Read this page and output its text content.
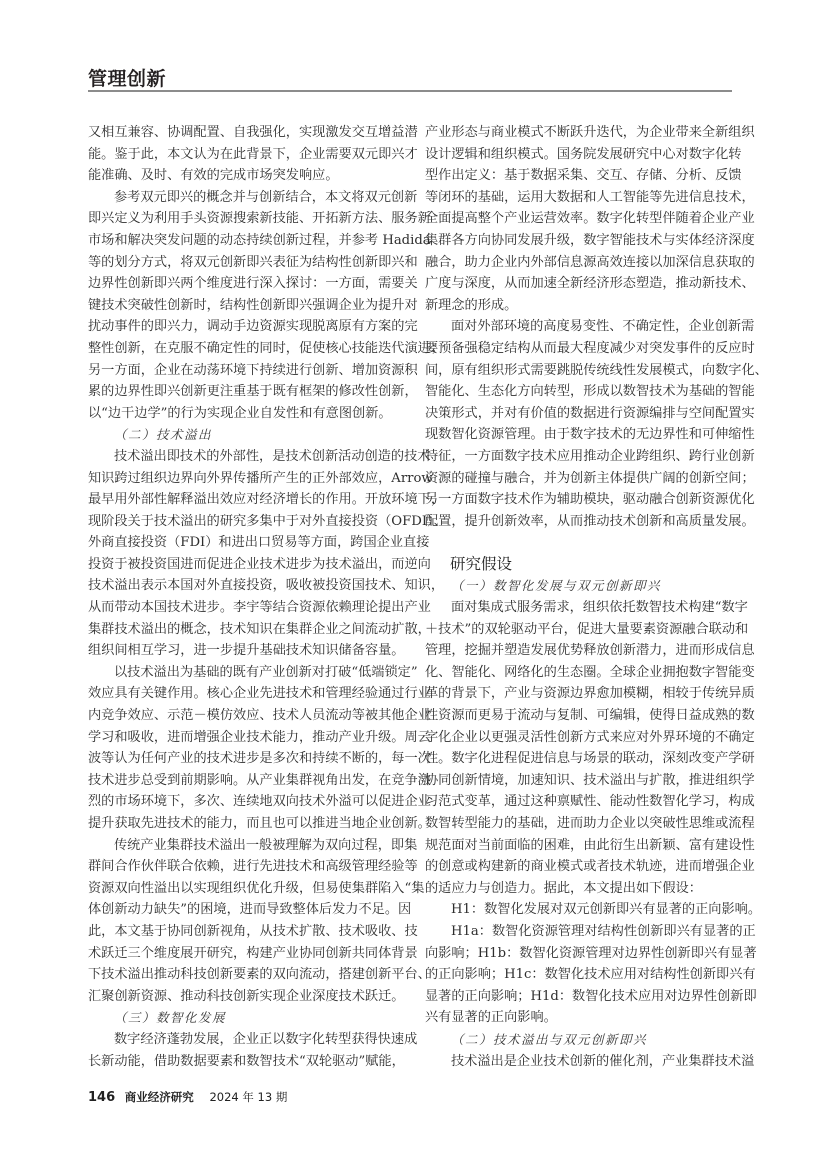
管理创新
又相互兼容、协调配置、自我强化，实现激发交互增益潜
能。鉴于此，本文认为在此背景下，企业需要双元即兴才
能准确、及时、有效的完成市场突发响应。
参考双元即兴的概念并与创新结合，本文将双元创新
即兴定义为利用手头资源搜索新技能、开拓新方法、服务新
市场和解决突发问题的动态持续创新过程，并参考 Hadida
等的划分方式，将双元创新即兴表征为结构性创新即兴和
边界性创新即兴两个维度进行深入探讨：一方面，需要关
键技术突破性创新时，结构性创新即兴强调企业为提升对
扰动事件的即兴力，调动手边资源实现脱离原有方案的完
整性创新，在克服不确定性的同时，促使核心技能迭代演进；
另一方面，企业在动荡环境下持续进行创新、增加资源积
累的边界性即兴创新更注重基于既有框架的修改性创新，
以“边干边学”的行为实现企业自发性和有意图创新。
（二）技术溢出
技术溢出即技术的外部性，是技术创新活动创造的技术
知识跨过组织边界向外界传播所产生的正外部效应，Arrow
最早用外部性解释溢出效应对经济增长的作用。开放环境下，
现阶段关于技术溢出的研究多集中于对外直接投资（OFDI）、
外商直接投资（FDI）和进出口贸易等方面，跨国企业直接
投资于被投资国进而促进企业技术进步为技术溢出，而逆向
技术溢出表示本国对外直接投资，吸收被投资国技术、知识，
从而带动本国技术进步。李宇等结合资源依赖理论提出产业
集群技术溢出的概念，技术知识在集群企业之间流动扩散，
组织间相互学习，进一步提升基础技术知识储备容量。
以技术溢出为基础的既有产业创新对打破“低端锁定”
效应具有关键作用。核心企业先进技术和管理经验通过行业
内竞争效应、示范－模仿效应、技术人员流动等被其他企业
学习和吸收，进而增强企业技术能力，推动产业升级。周云
波等认为任何产业的技术进步是多次和持续不断的，每一次
技术进步总受到前期影响。从产业集群视角出发，在竞争激
烈的市场环境下，多次、连续地双向技术外溢可以促进企业
提升获取先进技术的能力，而且也可以推进当地企业创新。
传统产业集群技术溢出一般被理解为双向过程，即集
群间合作伙伴联合依赖，进行先进技术和高级管理经验等
资源双向性溢出以实现组织优化升级，但易使集群陷入“集
体创新动力缺失”的困境，进而导致整体后发力不足。因
此，本文基于协同创新视角，从技术扩散、技术吸收、技
术跃迁三个维度展开研究，构建产业协同创新共同体背景
下技术溢出推动科技创新要素的双向流动，搭建创新平台、
汇聚创新资源、推动科技创新实现企业深度技术跃迁。
（三）数智化发展
数字经济蓬勃发展，企业正以数字化转型获得快速成
长新动能，借助数据要素和数智技术“双轮驱动”赋能，
产业形态与商业模式不断跃升迭代，为企业带来全新组织
设计逻辑和组织模式。国务院发展研究中心对数字化转
型作出定义：基于数据采集、交互、存储、分析、反馈
等闭环的基础，运用大数据和人工智能等先进信息技术，
全面提高整个产业运营效率。数字化转型伴随着企业产业
集群各方向协同发展升级，数字智能技术与实体经济深度
融合，助力企业内外部信息源高效连接以加深信息获取的
广度与深度，从而加速全新经济形态塑造，推动新技术、
新理念的形成。
面对外部环境的高度易变性、不确定性，企业创新需
要预备强稳定结构从而最大程度减少对突发事件的反应时
间，原有组织形式需要跳脱传统线性发展模式，向数字化、
智能化、生态化方向转型，形成以数智技术为基础的智能
决策形式，并对有价值的数据进行资源编排与空间配置实
现数智化资源管理。由于数字技术的无边界性和可伸缩性
特征，一方面数字技术应用推动企业跨组织、跨行业创新
资源的碰撞与融合，并为创新主体提供广阔的创新空间；
另一方面数字技术作为辅助模块，驱动融合创新资源优化
配置，提升创新效率，从而推动技术创新和高质量发展。
研究假设
（一）数智化发展与双元创新即兴
面对集成式服务需求，组织依托数智技术构建“数字
＋技术”的双轮驱动平台，促进大量要素资源融合联动和
管理，挖掘并塑造发展优势释放创新潜力，进而形成信息
化、智能化、网络化的生态圈。全球企业拥抱数字智能变
革的背景下，产业与资源边界愈加模糊，相较于传统异质
性资源而更易于流动与复制、可编辑，使得日益成熟的数
字化企业以更强灵活性创新方式来应对外界环境的不确定
性。数字化进程促进信息与场景的联动，深刻改变产学研
协同创新情境，加速知识、技术溢出与扩散，推进组织学
习范式变革，通过这种禀赋性、能动性数智化学习，构成
数智转型能力的基础，进而助力企业以突破性思维或流程
规范面对当前面临的困难，由此衍生出新颖、富有建设性
的创意或构建新的商业模式或者技术轨迹，进而增强企业
的适应力与创造力。据此，本文提出如下假设：
H1：数智化发展对双元创新即兴有显著的正向影响。
H1a：数智化资源管理对结构性创新即兴有显著的正
向影响；H1b：数智化资源管理对边界性创新即兴有显著
的正向影响；H1c：数智化技术应用对结构性创新即兴有
显著的正向影响；H1d：数智化技术应用对边界性创新即
兴有显著的正向影响。
（二）技术溢出与双元创新即兴
技术溢出是企业技术创新的催化剂，产业集群技术溢
146 商业经济研究 2024 年 13 期
